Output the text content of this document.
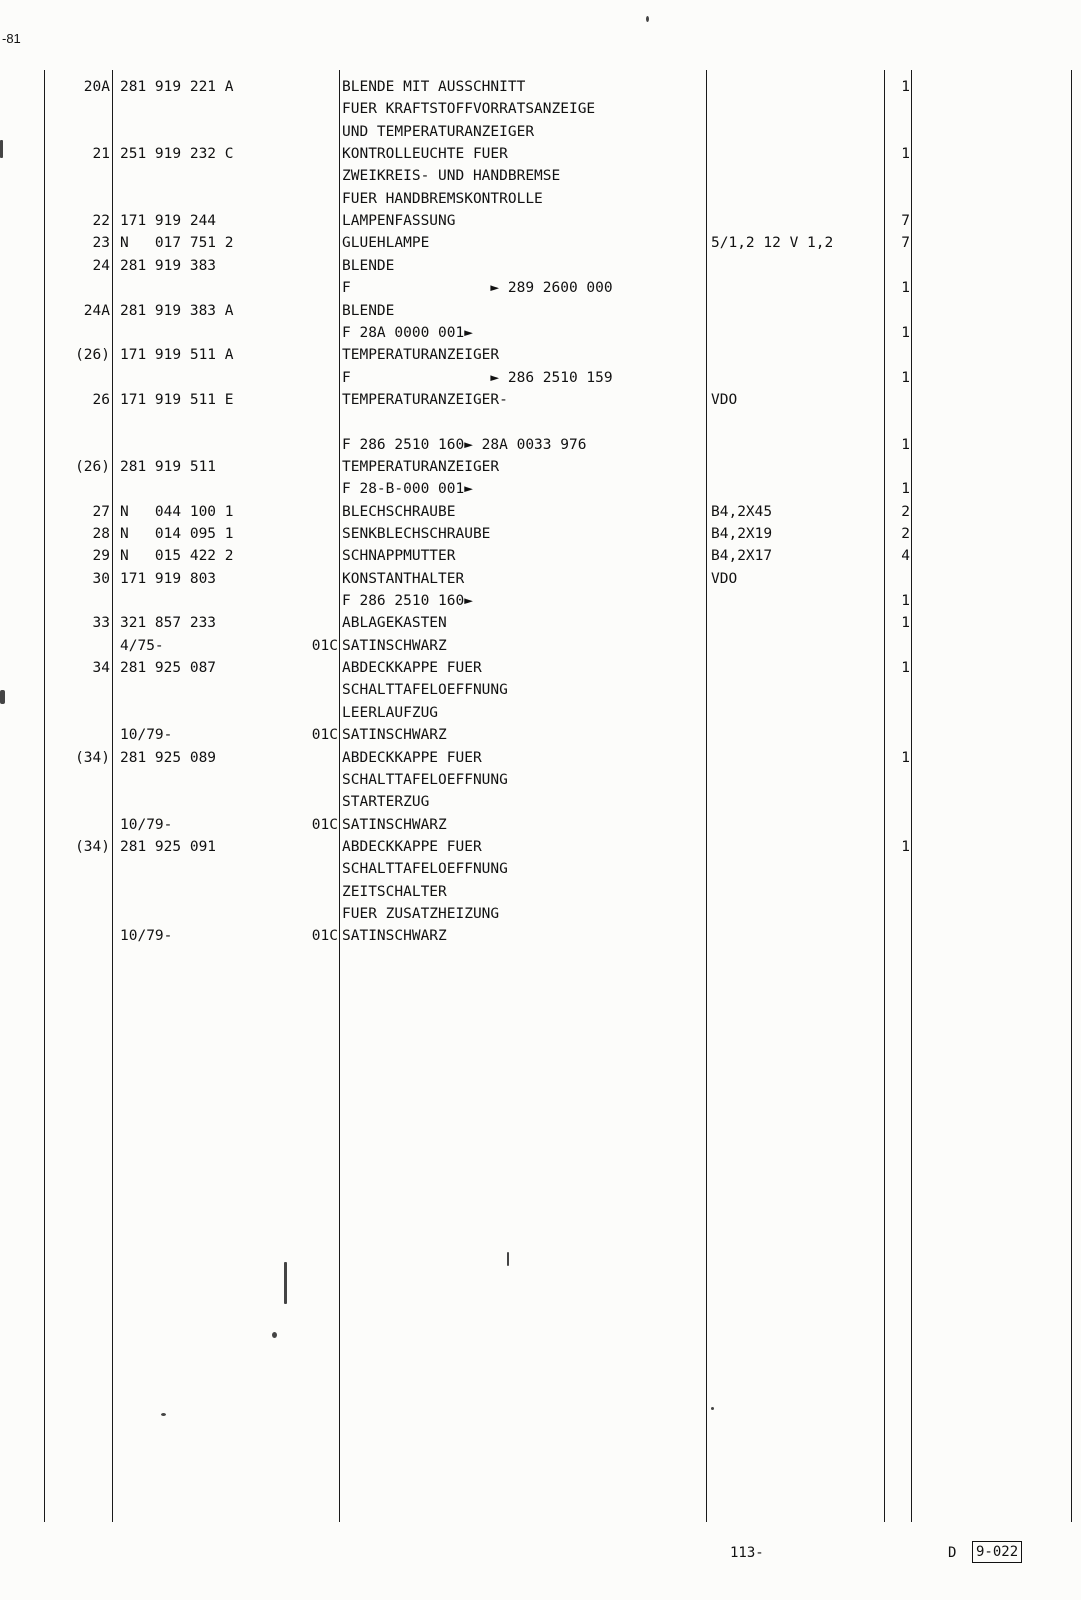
-81
20A 281 919 221 A	BLENDE MIT AUSSCHNITT	1
FUER KRAFTSTOFFVORRATSANZEIGE
UND TEMPERATURANZEIGER
21 251 919 232 C	KONTROLLEUCHTE FUER	1
ZWEIKREIS- UND HANDBREMSE
FUER HANDBREMSKONTROLLE
22 171 919 244	LAMPENFASSUNG	7
23 N   017 751 2	GLUEHLAMPE	5/1,2 12 V 1,2	7
24 281 919 383	BLENDE
F                ► 289 2600 000	1
24A 281 919 383 A	BLENDE
F 28A 0000 001►	1
(26) 171 919 511 A	TEMPERATURANZEIGER
F                ► 286 2510 159	1
26 171 919 511 E	TEMPERATURANZEIGER-	VDO
F 286 2510 160► 28A 0033 976	1
(26) 281 919 511	TEMPERATURANZEIGER
F 28-B-000 001►	1
27 N   044 100 1	BLECHSCHRAUBE	B4,2X45	2
28 N   014 095 1	SENKBLECHSCHRAUBE	B4,2X19	2
29 N   015 422 2	SCHNAPPMUTTER	B4,2X17	4
30 171 919 803	KONSTANTHALTER	VDO
F 286 2510 160►	1
33 321 857 233	ABLAGEKASTEN	1
4/75-	01C SATINSCHWARZ
34 281 925 087	ABDECKKAPPE FUER	1
SCHALTTAFELOEFFNUNG
LEERLAUFZUG
10/79-	01C SATINSCHWARZ
(34) 281 925 089	ABDECKKAPPE FUER	1
SCHALTTAFELOEFFNUNG
STARTERZUG
10/79-	01C SATINSCHWARZ
(34) 281 925 091	ABDECKKAPPE FUER	1
SCHALTTAFELOEFFNUNG
ZEITSCHALTER
FUER ZUSATZHEIZUNG
10/79-	01C SATINSCHWARZ
113-	D 9-022
